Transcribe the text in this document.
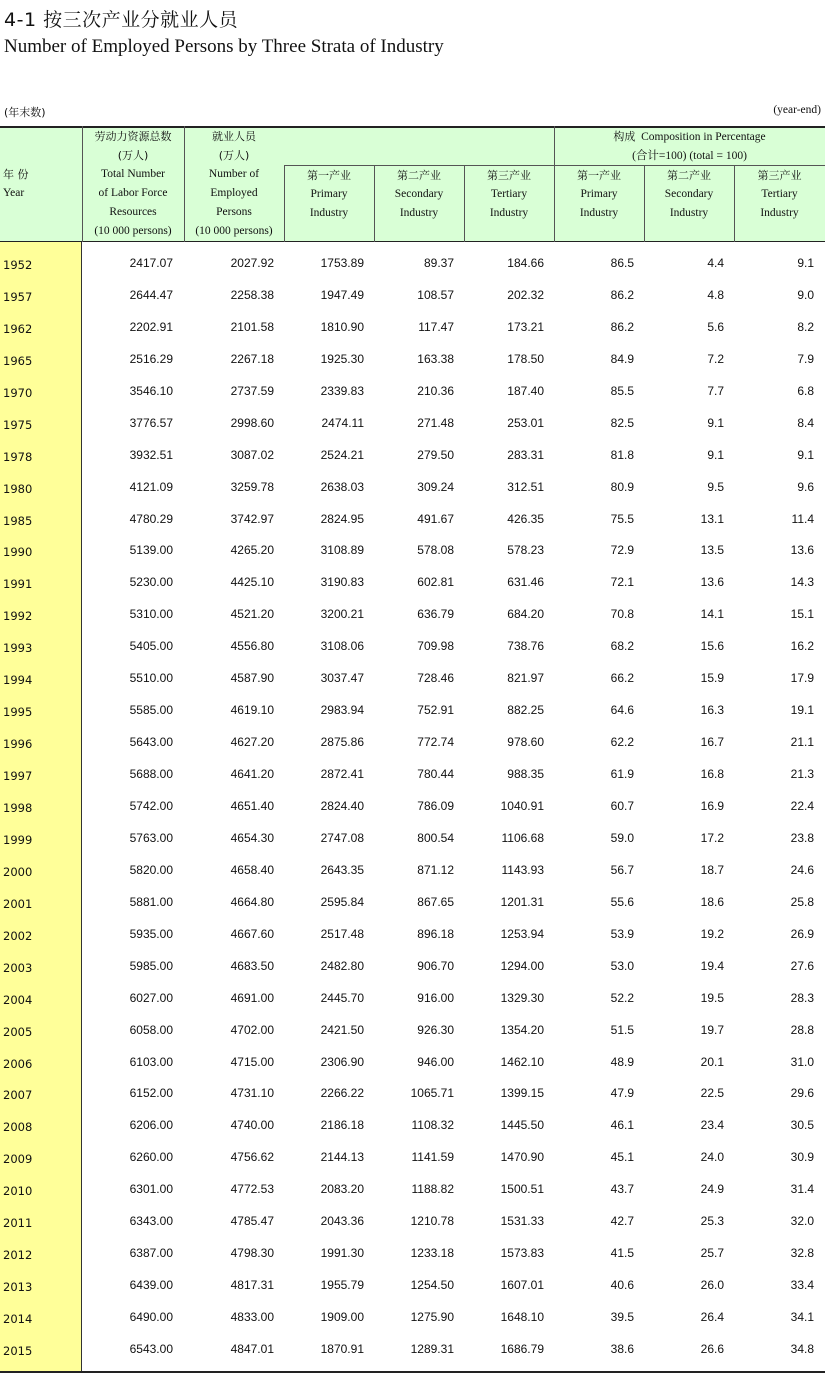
4-1 按三次产业分就业人员
Number of Employed Persons by Three Strata of Industry
(年末数)	(year-end)
年 份
Year
劳动力资源总数
(万人)
Total Number
of Labor Force
Resources
(10 000 persons)
就业人员
(万人)
Number of
Employed
Persons
(10 000 persons)
构成 Composition in Percentage
(合计=100) (total = 100)
第一产业
Primary
Industry
第二产业
Secondary
Industry
第三产业
Tertiary
Industry
第一产业
Primary
Industry
第二产业
Secondary
Industry
第三产业
Tertiary
Industry
1952	2417.07	2027.92	1753.89	89.37	184.66	86.5	4.4	9.1
1957	2644.47	2258.38	1947.49	108.57	202.32	86.2	4.8	9.0
1962	2202.91	2101.58	1810.90	117.47	173.21	86.2	5.6	8.2
1965	2516.29	2267.18	1925.30	163.38	178.50	84.9	7.2	7.9
1970	3546.10	2737.59	2339.83	210.36	187.40	85.5	7.7	6.8
1975	3776.57	2998.60	2474.11	271.48	253.01	82.5	9.1	8.4
1978	3932.51	3087.02	2524.21	279.50	283.31	81.8	9.1	9.1
1980	4121.09	3259.78	2638.03	309.24	312.51	80.9	9.5	9.6
1985	4780.29	3742.97	2824.95	491.67	426.35	75.5	13.1	11.4
1990	5139.00	4265.20	3108.89	578.08	578.23	72.9	13.5	13.6
1991	5230.00	4425.10	3190.83	602.81	631.46	72.1	13.6	14.3
1992	5310.00	4521.20	3200.21	636.79	684.20	70.8	14.1	15.1
1993	5405.00	4556.80	3108.06	709.98	738.76	68.2	15.6	16.2
1994	5510.00	4587.90	3037.47	728.46	821.97	66.2	15.9	17.9
1995	5585.00	4619.10	2983.94	752.91	882.25	64.6	16.3	19.1
1996	5643.00	4627.20	2875.86	772.74	978.60	62.2	16.7	21.1
1997	5688.00	4641.20	2872.41	780.44	988.35	61.9	16.8	21.3
1998	5742.00	4651.40	2824.40	786.09	1040.91	60.7	16.9	22.4
1999	5763.00	4654.30	2747.08	800.54	1106.68	59.0	17.2	23.8
2000	5820.00	4658.40	2643.35	871.12	1143.93	56.7	18.7	24.6
2001	5881.00	4664.80	2595.84	867.65	1201.31	55.6	18.6	25.8
2002	5935.00	4667.60	2517.48	896.18	1253.94	53.9	19.2	26.9
2003	5985.00	4683.50	2482.80	906.70	1294.00	53.0	19.4	27.6
2004	6027.00	4691.00	2445.70	916.00	1329.30	52.2	19.5	28.3
2005	6058.00	4702.00	2421.50	926.30	1354.20	51.5	19.7	28.8
2006	6103.00	4715.00	2306.90	946.00	1462.10	48.9	20.1	31.0
2007	6152.00	4731.10	2266.22	1065.71	1399.15	47.9	22.5	29.6
2008	6206.00	4740.00	2186.18	1108.32	1445.50	46.1	23.4	30.5
2009	6260.00	4756.62	2144.13	1141.59	1470.90	45.1	24.0	30.9
2010	6301.00	4772.53	2083.20	1188.82	1500.51	43.7	24.9	31.4
2011	6343.00	4785.47	2043.36	1210.78	1531.33	42.7	25.3	32.0
2012	6387.00	4798.30	1991.30	1233.18	1573.83	41.5	25.7	32.8
2013	6439.00	4817.31	1955.79	1254.50	1607.01	40.6	26.0	33.4
2014	6490.00	4833.00	1909.00	1275.90	1648.10	39.5	26.4	34.1
2015	6543.00	4847.01	1870.91	1289.31	1686.79	38.6	26.6	34.8
